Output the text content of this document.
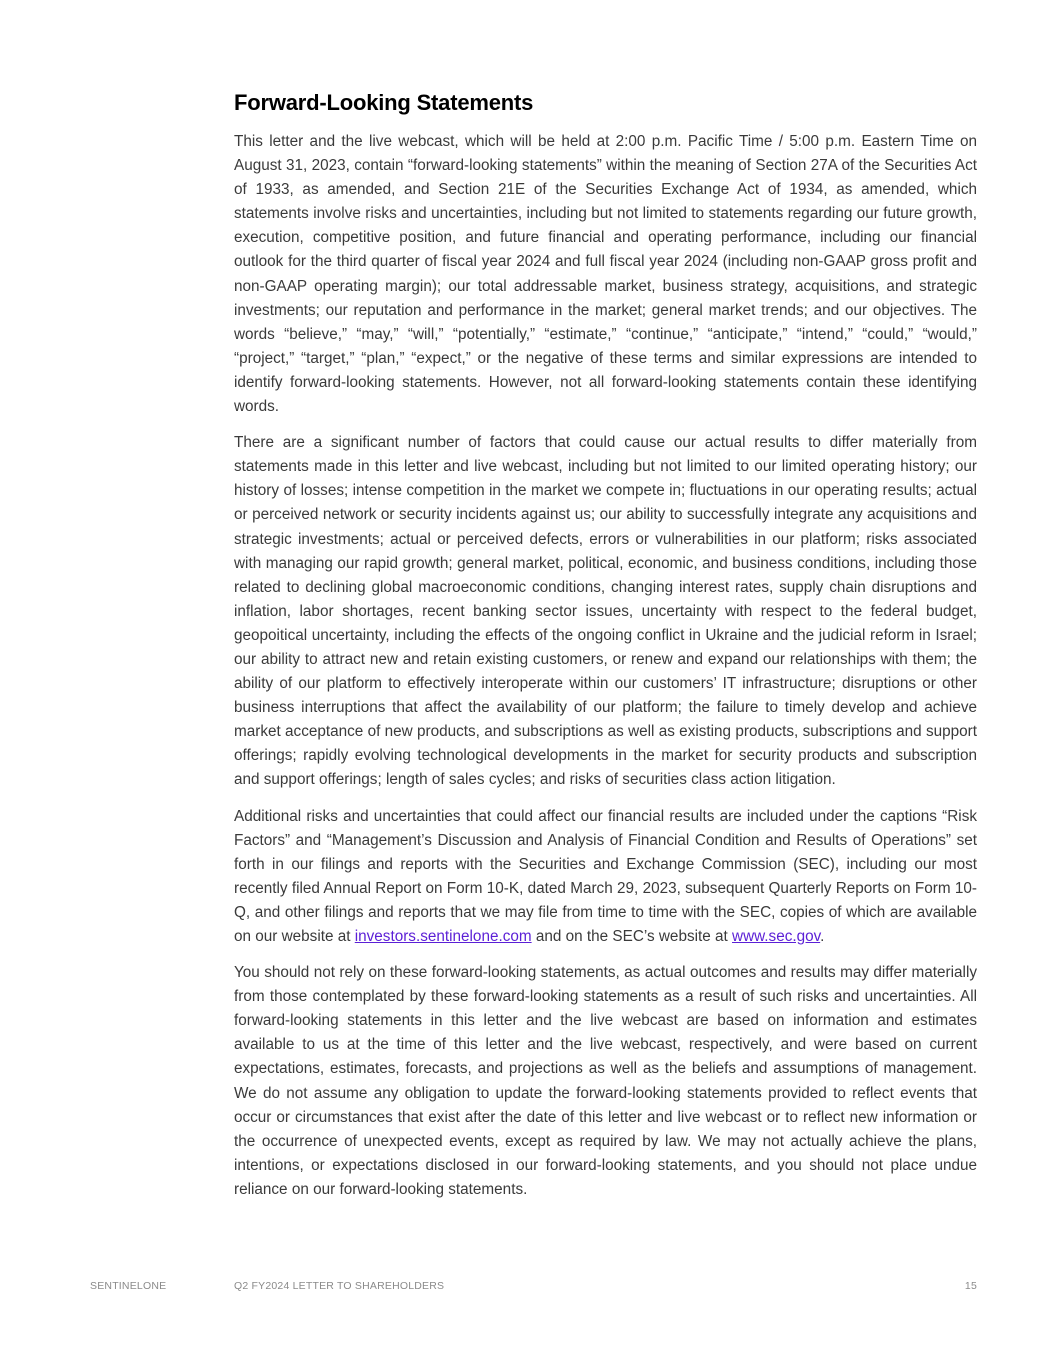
Forward-Looking Statements

This letter and the live webcast, which will be held at 2:00 p.m. Pacific Time / 5:00 p.m. Eastern Time on August 31, 2023, contain “forward-looking statements” within the meaning of Section 27A of the Securities Act of 1933, as amended, and Section 21E of the Securities Exchange Act of 1934, as amended, which statements involve risks and uncertainties, including but not limited to statements regarding our future growth, execution, competitive position, and future financial and operating performance, including our financial outlook for the third quarter of fiscal year 2024 and full fiscal year 2024 (including non-GAAP gross profit and non-GAAP operating margin); our total addressable market, business strategy, acquisitions, and strategic investments; our reputation and performance in the market; general market trends; and our objectives. The words “believe,” “may,” “will,” “potentially,” “estimate,” “continue,” “anticipate,” “intend,” “could,” “would,” “project,” “target,” “plan,” “expect,” or the negative of these terms and similar expressions are intended to identify forward-looking statements. However, not all forward-looking statements contain these identifying words.

There are a significant number of factors that could cause our actual results to differ materially from statements made in this letter and live webcast, including but not limited to our limited operating history; our history of losses; intense competition in the market we compete in; fluctuations in our operating results; actual or perceived network or security incidents against us; our ability to successfully integrate any acquisitions and strategic investments; actual or perceived defects, errors or vulnerabilities in our platform; risks associated with managing our rapid growth; general market, political, economic, and business conditions, including those related to declining global macroeconomic conditions, changing interest rates, supply chain disruptions and inflation, labor shortages, recent banking sector issues, uncertainty with respect to the federal budget, geopoitical uncertainty, including the effects of the ongoing conflict in Ukraine and the judicial reform in Israel; our ability to attract new and retain existing customers, or renew and expand our relationships with them; the ability of our platform to effectively interoperate within our customers’ IT infrastructure; disruptions or other business interruptions that affect the availability of our platform; the failure to timely develop and achieve market acceptance of new products, and subscriptions as well as existing products, subscriptions and support offerings; rapidly evolving technological developments in the market for security products and subscription and support offerings; length of sales cycles; and risks of securities class action litigation.

Additional risks and uncertainties that could affect our financial results are included under the captions “Risk Factors” and “Management’s Discussion and Analysis of Financial Condition and Results of Operations” set forth in our filings and reports with the Securities and Exchange Commission (SEC), including our most recently filed Annual Report on Form 10-K, dated March 29, 2023, subsequent Quarterly Reports on Form 10-Q, and other filings and reports that we may file from time to time with the SEC, copies of which are available on our website at investors.sentinelone.com and on the SEC’s website at www.sec.gov.

You should not rely on these forward-looking statements, as actual outcomes and results may differ materially from those contemplated by these forward-looking statements as a result of such risks and uncertainties. All forward-looking statements in this letter and the live webcast are based on information and estimates available to us at the time of this letter and the live webcast, respectively, and were based on current expectations, estimates, forecasts, and projections as well as the beliefs and assumptions of management. We do not assume any obligation to update the forward-looking statements provided to reflect events that occur or circumstances that exist after the date of this letter and live webcast or to reflect new information or the occurrence of unexpected events, except as required by law. We may not actually achieve the plans, intentions, or expectations disclosed in our forward-looking statements, and you should not place undue reliance on our forward-looking statements.

SENTINELONE	Q2 FY2024 LETTER TO SHAREHOLDERS	15
